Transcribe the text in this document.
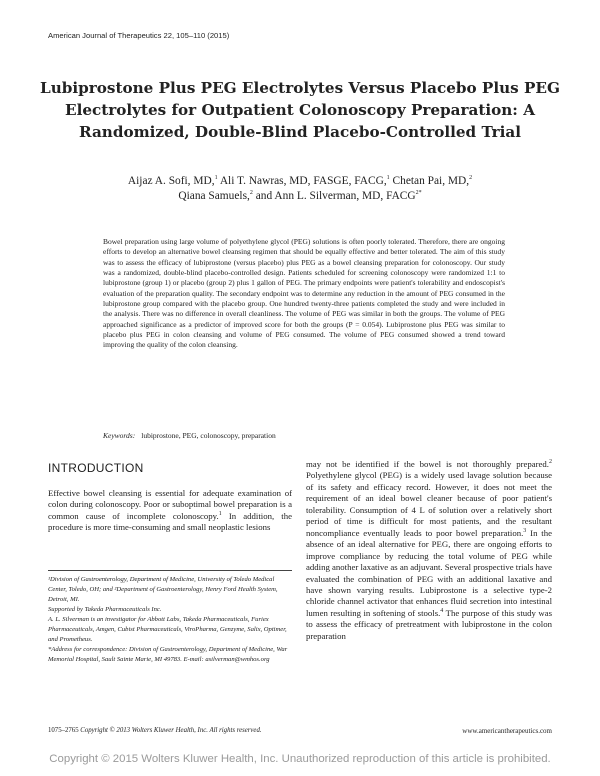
American Journal of Therapeutics 22, 105–110 (2015)
Lubiprostone Plus PEG Electrolytes Versus Placebo Plus PEG Electrolytes for Outpatient Colonoscopy Preparation: A Randomized, Double-Blind Placebo-Controlled Trial
Aijaz A. Sofi, MD,$^1$ Ali T. Nawras, MD, FASGE, FACG,$^1$ Chetan Pai, MD,$^2$
Qiana Samuels,$^2$ and Ann L. Silverman, MD, $FACG^{2*}$
Bowel preparation using large volume of polyethylene glycol (PEG) solutions is often poorly tolerated. Therefore, there are ongoing efforts to develop an alternative bowel cleansing regimen that should be equally effective and better tolerated. The aim of this study was to assess the efficacy of lubiprostone (versus placebo) plus PEG as a bowel cleansing preparation for colonoscopy. Our study was a randomized, double-blind placebo-controlled design. Patients scheduled for screening colonoscopy were randomized 1:1 to lubiprostone (group 1) or placebo (group 2) plus 1 gallon of PEG. The primary endpoints were patient's tolerability and endoscopist's evaluation of the preparation quality. The secondary endpoint was to determine any reduction in the amount of PEG consumed in the lubiprostone group compared with the placebo group. One hundred twenty-three patients completed the study and were included in the analysis. There was no difference in overall cleanliness. The volume of PEG was similar in both the groups. The volume of PEG approached significance as a predictor of improved score for both the groups (P = 0.054). Lubiprostone plus PEG was similar to placebo plus PEG in colon cleansing and volume of PEG consumed. The volume of PEG consumed showed a trend toward improving the quality of the colon cleansing.
Keywords: lubiprostone, PEG, colonoscopy, preparation
INTRODUCTION
Effective bowel cleansing is essential for adequate examination of colon during colonoscopy. Poor or suboptimal bowel preparation is a common cause of incomplete colonoscopy.$^1$ In addition, the procedure is more time-consuming and small neoplastic lesions
may not be identified if the bowel is not thoroughly prepared.$^2$ Polyethylene glycol (PEG) is a widely used lavage solution because of its safety and efficacy record. However, it does not meet the requirement of an ideal bowel cleaner because of poor patient's tolerability. Consumption of 4 L of solution over a relatively short period of time is difficult for most patients, and the resultant noncompliance eventually leads to poor bowel preparation.$^3$ In the absence of an ideal alternative for PEG, there are ongoing efforts to improve compliance by reducing the total volume of PEG while adding another laxative as an adjuvant. Several prospective trials have evaluated the combination of PEG with an additional laxative and have shown varying results. Lubiprostone is a selective type-2 chloride channel activator that enhances fluid secretion into intestinal lumen resulting in softening of stools.$^4$ The purpose of this study was to assess the efficacy of pretreatment with lubiprostone in the colon preparation

¹Division of Gastroenterology, Department of Medicine, University of Toledo Medical Center, Toledo, OH; and ²Department of Gastroenterology, Henry Ford Health System, Detroit, MI.

Supported by Takeda Pharmaceuticals Inc.

A. L. Silverman is an investigator for Abbott Labs, Takeda Pharmaceuticals, Furiex Pharmaceuticals, Amgen, Cubist Pharmaceuticals, ViroPharma, Genzyme, Salix, Optimer, and Prometheus.

*Address for correspondence: Division of Gastroenterology, Department of Medicine, War Memorial Hospital, Sault Sainte Marie, MI 49783. E-mail: asilverman@wmhos.org

1075–2765 Copyright © 2013 Wolters Kluwer Health, Inc. All rights reserved.	www.americantherapeutics.com
Copyright © 2015 Wolters Kluwer Health, Inc. Unauthorized reproduction of this article is prohibited.
